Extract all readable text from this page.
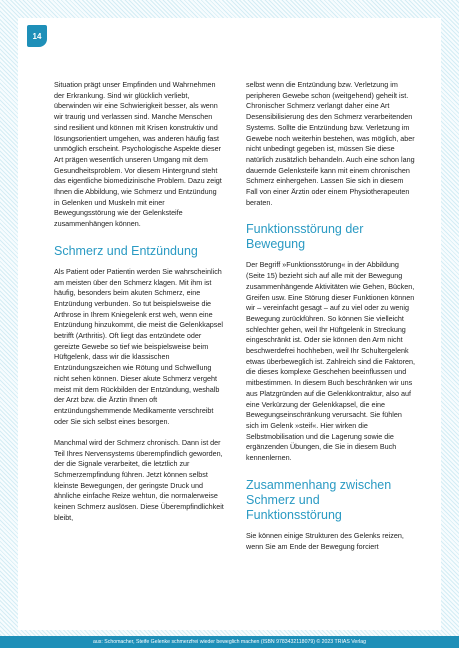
14

Situation prägt unser Empfinden und Wahrnehmen der Erkrankung. Sind wir glücklich verliebt, überwinden wir eine Schwierigkeit besser, als wenn wir traurig und verlassen sind. Manche Menschen sind resilient und können mit Krisen konstruktiv und lösungsorientiert umgehen, was anderen häufig fast unmöglich erscheint. Psychologische Aspekte dieser Art prägen wesentlich unseren Umgang mit dem Gesundheitsproblem. Vor diesem Hintergrund steht das eigentliche biomedizinische Problem. Dazu zeigt Ihnen die Abbildung, wie Schmerz und Entzündung in Gelenken und Muskeln mit einer Bewegungsstörung wie der Gelenksteife zusammenhängen können.

Schmerz und Entzündung

Als Patient oder Patientin werden Sie wahrscheinlich am meisten über den Schmerz klagen. Mit ihm ist häufig, besonders beim akuten Schmerz, eine Entzündung verbunden. So tut beispielsweise die Arthrose in Ihrem Kniegelenk erst weh, wenn eine Entzündung hinzukommt, die meist die Gelenkkapsel betrifft (Arthritis). Oft liegt das entzündete oder gereizte Gewebe so tief wie beispielsweise beim Hüftgelenk, dass wir die klassischen Entzündungszeichen wie Rötung und Schwellung nicht sehen können. Dieser akute Schmerz vergeht meist mit dem Rückbilden der Entzündung, weshalb der Arzt bzw. die Ärztin Ihnen oft entzündungshemmende Medikamente verschreibt oder Sie sich selbst eines besorgen.

Manchmal wird der Schmerz chronisch. Dann ist der Teil Ihres Nervensystems überempfindlich geworden, der die Signale verarbeitet, die letztlich zur Schmerzempfindung führen. Jetzt können selbst kleinste Bewegungen, der geringste Druck und ähnliche einfache Reize wehtun, die normalerweise keinen Schmerz auslösen. Diese Überempfindlichkeit bleibt,

selbst wenn die Entzündung bzw. Verletzung im peripheren Gewebe schon (weitgehend) geheilt ist. Chronischer Schmerz verlangt daher eine Art Desensibilisierung des den Schmerz verarbeitenden Systems. Sollte die Entzündung bzw. Verletzung im Gewebe noch weiterhin bestehen, was möglich, aber nicht unbedingt gegeben ist, müssen Sie diese natürlich zusätzlich behandeln. Auch eine schon lang dauernde Gelenksteife kann mit einem chronischen Schmerz einhergehen. Lassen Sie sich in diesem Fall von einer Ärztin oder einem Physiotherapeuten beraten.

Funktionsstörung der Bewegung

Der Begriff »Funktionsstörung« in der Abbildung (Seite 15) bezieht sich auf alle mit der Bewegung zusammenhängende Aktivitäten wie Gehen, Bücken, Greifen usw. Eine Störung dieser Funktionen können wir – vereinfacht gesagt – auf zu viel oder zu wenig Bewegung zurückführen. So können Sie vielleicht schlechter gehen, weil Ihr Hüftgelenk in Streckung eingeschränkt ist. Oder sie können den Arm nicht beschwerdefrei hochheben, weil Ihr Schultergelenk etwas überbeweglich ist. Zahlreich sind die Faktoren, die dieses komplexe Geschehen beeinflussen und mitbestimmen. In diesem Buch beschränken wir uns aus Platzgründen auf die Gelenkkontraktur, also auf eine Verkürzung der Gelenkkapsel, die eine Bewegungseinschränkung verursacht. Sie fühlen sich im Gelenk »steif«. Hier wirken die Selbstmobilisation und die Lagerung sowie die ergänzenden Übungen, die Sie in diesem Buch kennenlernen.

Zusammenhang zwischen Schmerz und Funktionsstörung

Sie können einige Strukturen des Gelenks reizen, wenn Sie am Ende der Bewegung forciert

aus: Schomacher, Steife Gelenke schmerzfrei wieder beweglich machen (ISBN 9783432118079) © 2023 TRIAS Verlag
